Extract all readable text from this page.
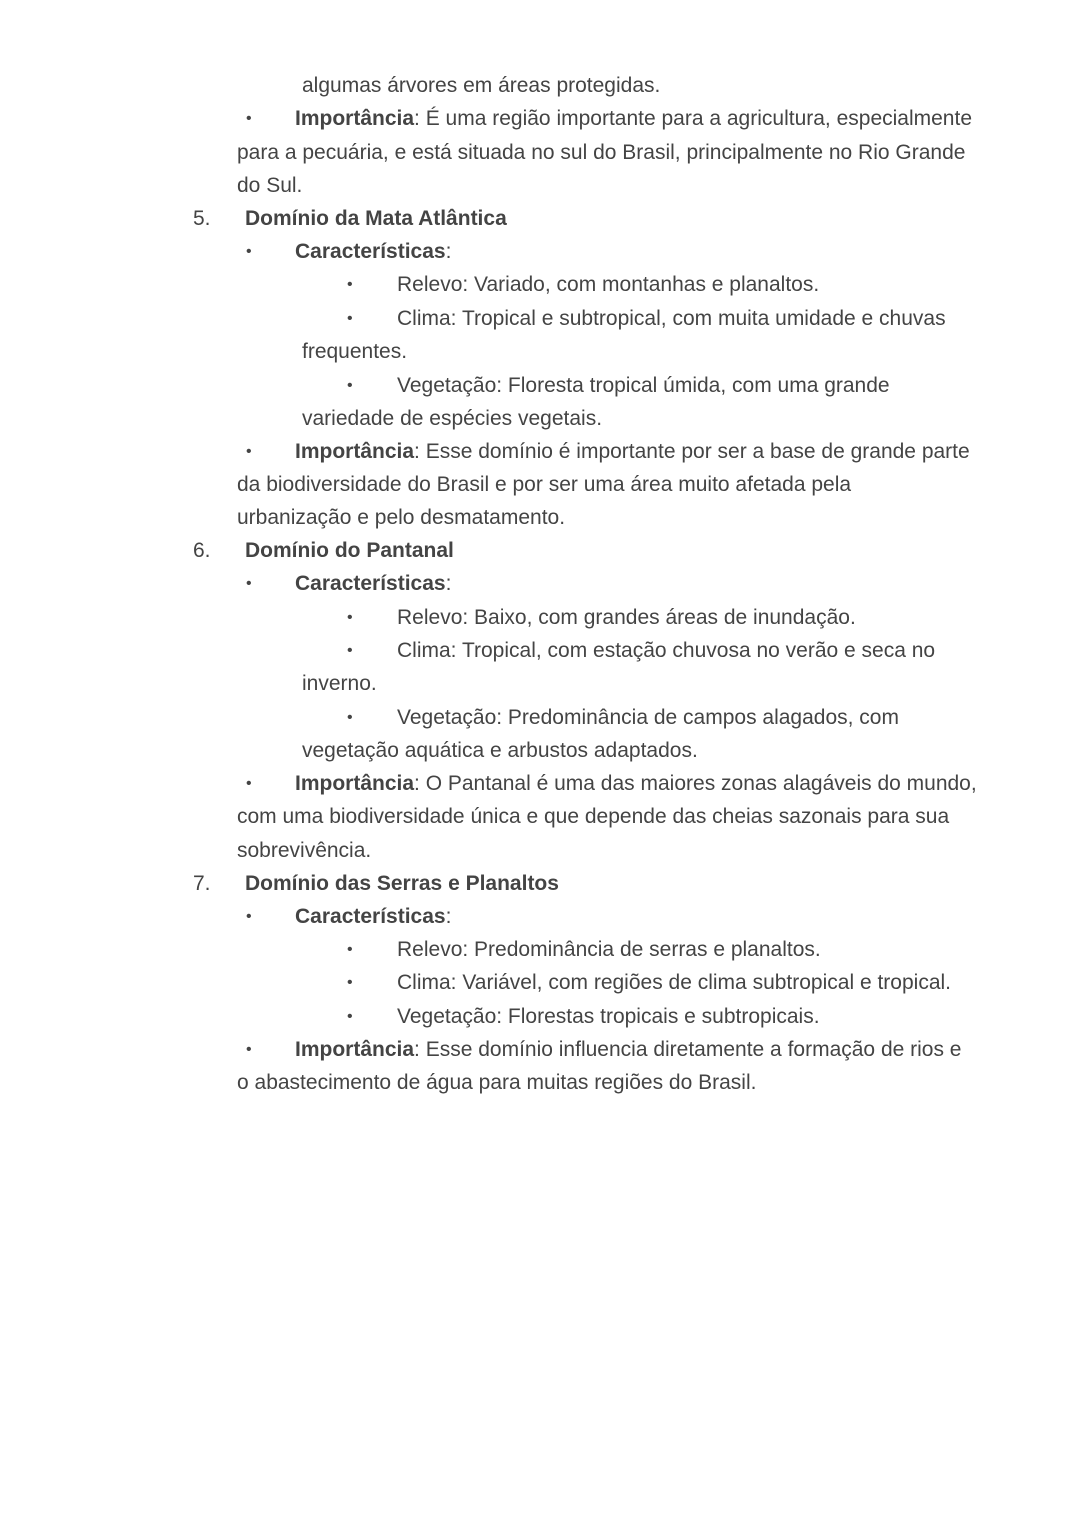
algumas árvores em áreas protegidas.
• Importância: É uma região importante para a agricultura, especialmente
para a pecuária, e está situada no sul do Brasil, principalmente no Rio Grande
do Sul.
5. Domínio da Mata Atlântica
• Características:
• Relevo: Variado, com montanhas e planaltos.
• Clima: Tropical e subtropical, com muita umidade e chuvas
frequentes.
• Vegetação: Floresta tropical úmida, com uma grande
variedade de espécies vegetais.
• Importância: Esse domínio é importante por ser a base de grande parte
da biodiversidade do Brasil e por ser uma área muito afetada pela
urbanização e pelo desmatamento.
6. Domínio do Pantanal
• Características:
• Relevo: Baixo, com grandes áreas de inundação.
• Clima: Tropical, com estação chuvosa no verão e seca no
inverno.
• Vegetação: Predominância de campos alagados, com
vegetação aquática e arbustos adaptados.
• Importância: O Pantanal é uma das maiores zonas alagáveis do mundo,
com uma biodiversidade única e que depende das cheias sazonais para sua
sobrevivência.
7. Domínio das Serras e Planaltos
• Características:
• Relevo: Predominância de serras e planaltos.
• Clima: Variável, com regiões de clima subtropical e tropical.
• Vegetação: Florestas tropicais e subtropicais.
• Importância: Esse domínio influencia diretamente a formação de rios e
o abastecimento de água para muitas regiões do Brasil.
